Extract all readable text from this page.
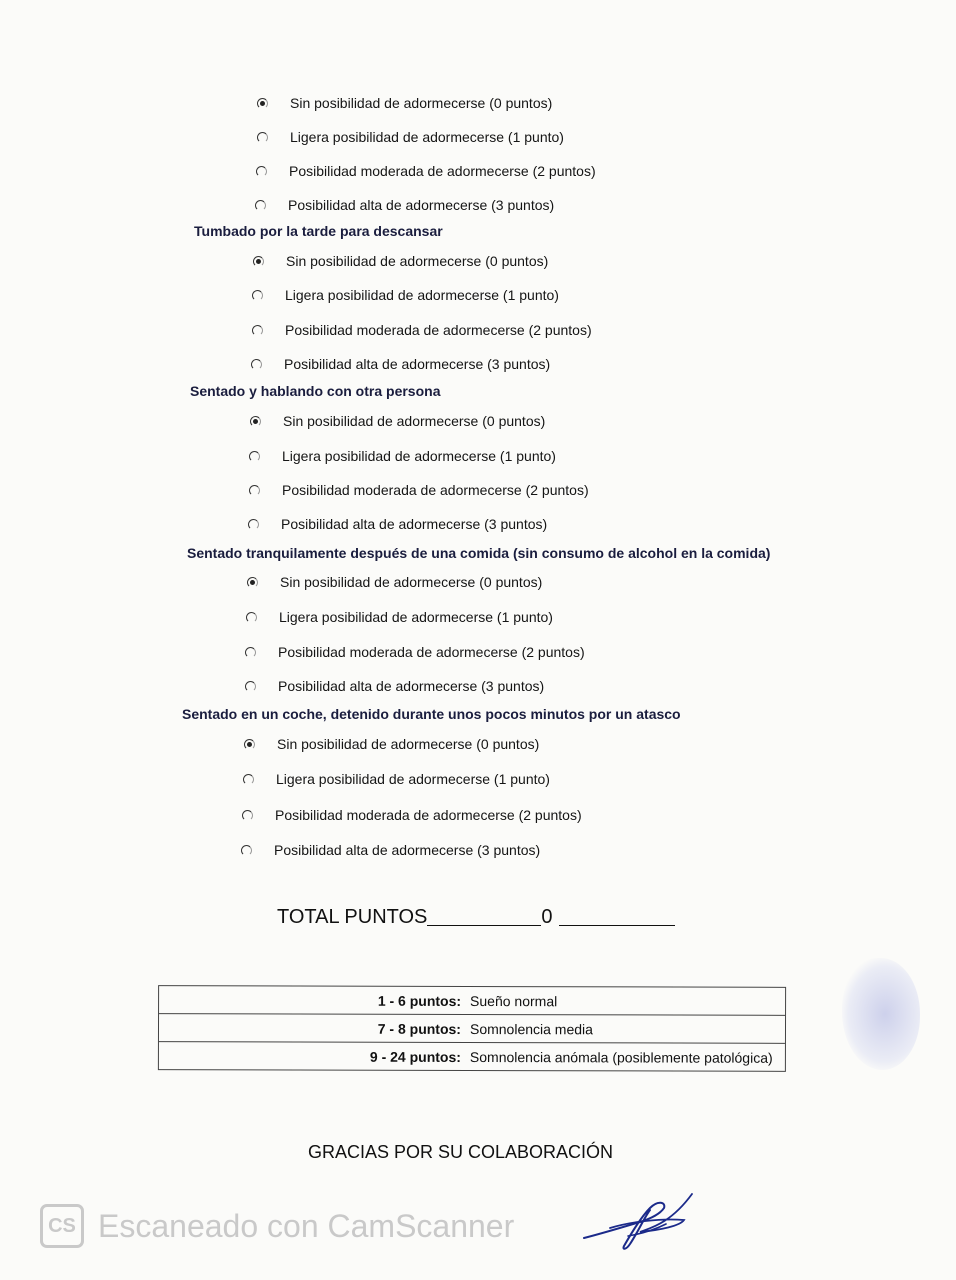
Sin posibilidad de adormecerse (0 puntos)
Ligera posibilidad de adormecerse (1 punto)
Posibilidad moderada de adormecerse (2 puntos)
Posibilidad alta de adormecerse (3 puntos)
Tumbado por la tarde para descansar
Sin posibilidad de adormecerse (0 puntos)
Ligera posibilidad de adormecerse (1 punto)
Posibilidad moderada de adormecerse (2 puntos)
Posibilidad alta de adormecerse (3 puntos)
Sentado y hablando con otra persona
Sin posibilidad de adormecerse (0 puntos)
Ligera posibilidad de adormecerse (1 punto)
Posibilidad moderada de adormecerse (2 puntos)
Posibilidad alta de adormecerse (3 puntos)
Sentado tranquilamente después de una comida (sin consumo de alcohol en la comida)
Sin posibilidad de adormecerse (0 puntos)
Ligera posibilidad de adormecerse (1 punto)
Posibilidad moderada de adormecerse (2 puntos)
Posibilidad alta de adormecerse (3 puntos)
Sentado en un coche, detenido durante unos pocos minutos por un atasco
Sin posibilidad de adormecerse (0 puntos)
Ligera posibilidad de adormecerse (1 punto)
Posibilidad moderada de adormecerse (2 puntos)
Posibilidad alta de adormecerse (3 puntos)
TOTAL PUNTOS	0
1 - 6 puntos: Sueño normal
7 - 8 puntos: Somnolencia media
9 - 24 puntos: Somnolencia anómala (posiblemente patológica)
GRACIAS POR SU COLABORACIÓN
CS Escaneado con CamScanner
